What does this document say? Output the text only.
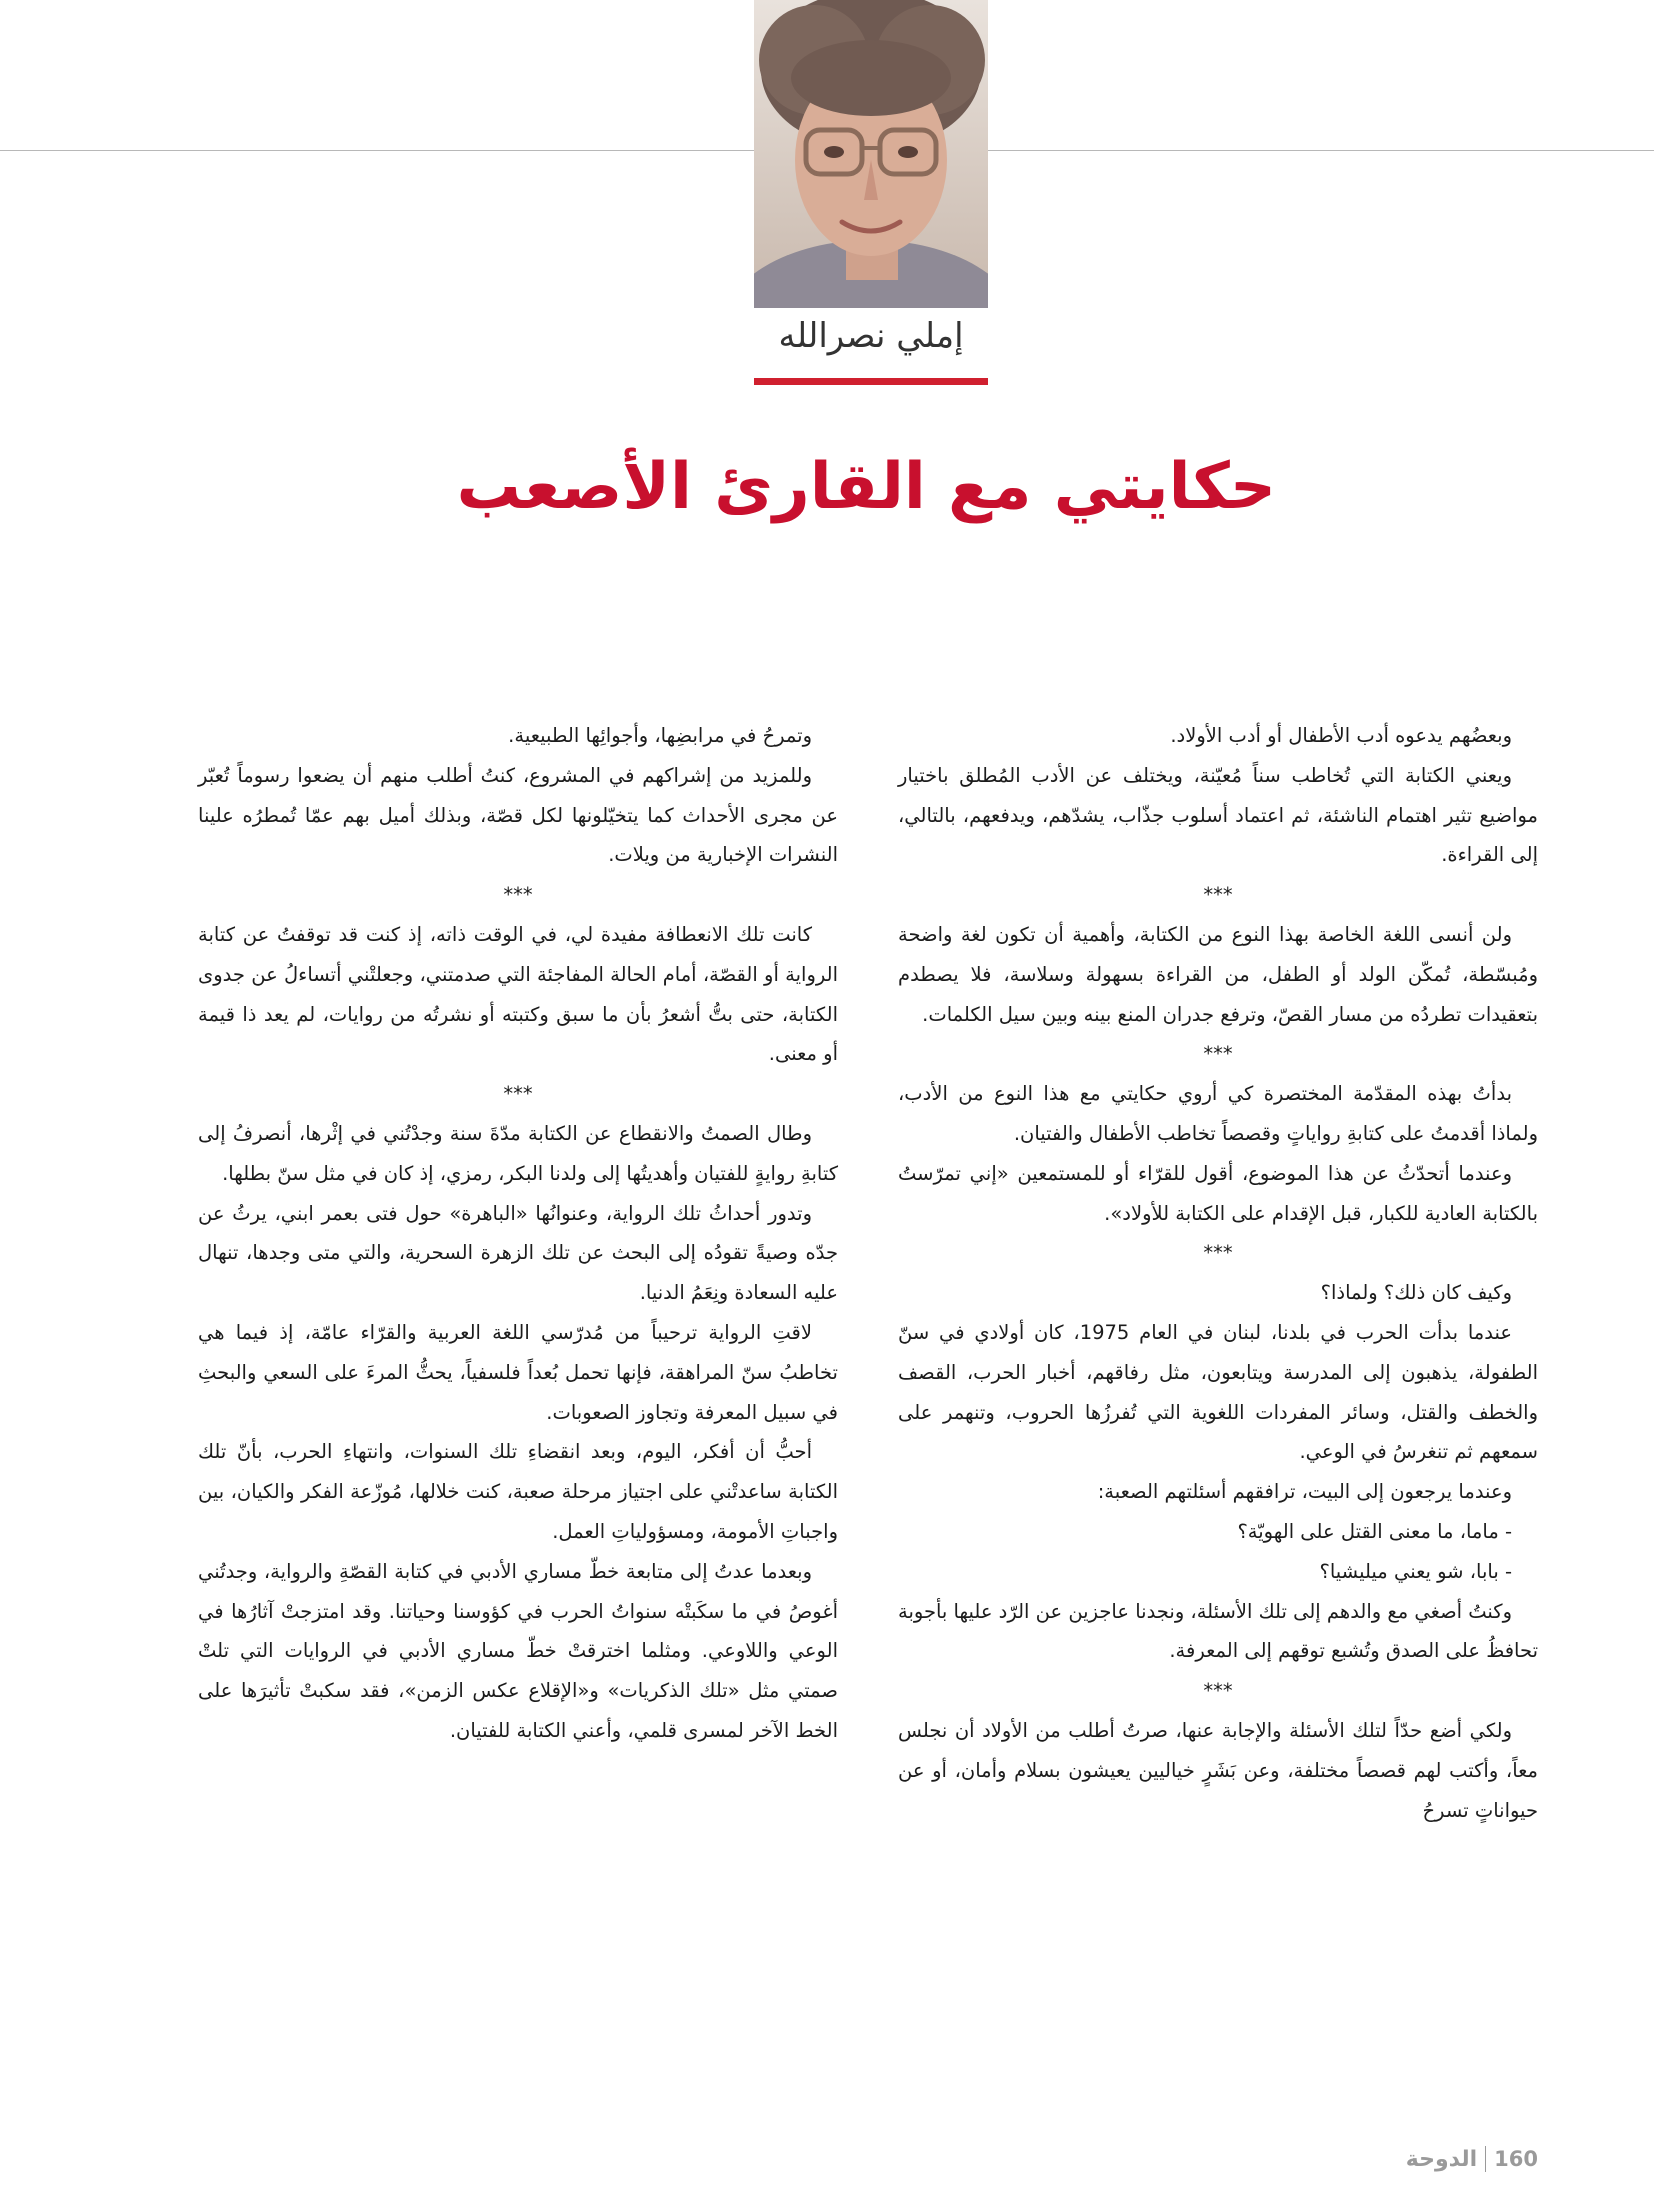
إملي نصرالله
حكايتي مع القارئ الأصعب

وبعضُهم يدعوه أدب الأطفال أو أدب الأولاد.

ويعني الكتابة التي تُخاطب سناً مُعيّنة، ويختلف عن الأدب المُطلق باختيار مواضيع تثير اهتمام الناشئة، ثم اعتماد أسلوب جذّاب، يشدّهم، ويدفعهم، بالتالي، إلى القراءة.

***

ولن أنسى اللغة الخاصة بهذا النوع من الكتابة، وأهمية أن تكون لغة واضحة ومُبسّطة، تُمكّن الولد أو الطفل، من القراءة بسهولة وسلاسة، فلا يصطدم بتعقيدات تطردُه من مسار القصّ، وترفع جدران المنع بينه وبين سيل الكلمات.

***

بدأتُ بهذه المقدّمة المختصرة كي أروي حكايتي مع هذا النوع من الأدب، ولماذا أقدمتُ على كتابةِ رواياتٍ وقصصاً تخاطب الأطفال والفتيان.

وعندما أتحدّثُ عن هذا الموضوع، أقول للقرّاء أو للمستمعين «إني تمرّستُ بالكتابة العادية للكبار، قبل الإقدام على الكتابة للأولاد».

***

وكيف كان ذلك؟ ولماذا؟

عندما بدأت الحرب في بلدنا، لبنان في العام 1975، كان أولادي في سنّ الطفولة، يذهبون إلى المدرسة ويتابعون، مثل رفاقهم، أخبار الحرب، القصف والخطف والقتل، وسائر المفردات اللغوية التي تُفرزُها الحروب، وتنهمر على سمعهم ثم تنغرسُ في الوعي.

وعندما يرجعون إلى البيت، ترافقهم أسئلتهم الصعبة:

- ماما، ما معنى القتل على الهويّة؟

- بابا، شو يعني ميليشيا؟

وكنتُ أصغي مع والدهم إلى تلك الأسئلة، ونجدنا عاجزين عن الرّد عليها بأجوبة تحافظُ على الصدق وتُشبع توقهم إلى المعرفة.

***

ولكي أضع حدّاً لتلك الأسئلة والإجابة عنها، صرتُ أطلب من الأولاد أن نجلس معاً، وأكتب لهم قصصاً مختلفة، وعن بَشَرٍ خياليين يعيشون بسلام وأمان، أو عن حيواناتٍ تسرحُ

وتمرحُ في مرابضِها، وأجوائِها الطبيعية.

وللمزيد من إشراكهم في المشروع، كنتُ أطلب منهم أن يضعوا رسوماً تُعبّر عن مجرى الأحداث كما يتخيّلونها لكل قصّة، وبذلك أميل بهم عمّا تُمطرُه علينا النشرات الإخبارية من ويلات.

***

كانت تلك الانعطافة مفيدة لي، في الوقت ذاته، إذ كنت قد توقفتُ عن كتابة الرواية أو القصّة، أمام الحالة المفاجئة التي صدمتني، وجعلتْني أتساءلُ عن جدوى الكتابة، حتى بتُّ أشعرُ بأن ما سبق وكتبته أو نشرتُه من روايات، لم يعد ذا قيمة أو معنى.

***

وطال الصمتُ والانقطاع عن الكتابة مدّةَ سنة وجدْتُني في إثْرها، أنصرفُ إلى كتابةِ روايةٍ للفتيان وأهديتُها إلى ولدنا البكر، رمزي، إذ كان في مثل سنّ بطلها.

وتدور أحداثُ تلك الرواية، وعنوانُها «الباهرة» حول فتى بعمر ابني، يرثُ عن جدّه وصيةً تقودُه إلى البحث عن تلك الزهرة السحرية، والتي متى وجدها، تنهال عليه السعادة ونِعَمُ الدنيا.

لاقتِ الرواية ترحيباً من مُدرّسي اللغة العربية والقرّاء عامّة، إذ فيما هي تخاطبُ سنّ المراهقة، فإنها تحمل بُعداً فلسفياً، يحثُّ المرءَ على السعي والبحثِ في سبيل المعرفة وتجاوز الصعوبات.

أحبُّ أن أفكر، اليوم، وبعد انقضاءِ تلك السنوات، وانتهاءِ الحرب، بأنّ تلك الكتابة ساعدتْني على اجتياز مرحلة صعبة، كنت خلالها، مُوزّعة الفكر والكيان، بين واجباتِ الأمومة، ومسؤولياتِ العمل.

وبعدما عدتُ إلى متابعة خطّ مساري الأدبي في كتابة القصّةِ والرواية، وجدتُني أغوصُ في ما سكَبتْه سنواتُ الحرب في كؤوسنا وحياتنا. وقد امتزجتْ آثارُها في الوعي واللاوعي. ومثلما اخترقتْ خطّ مساري الأدبي في الروايات التي تلتْ صمتي مثل «تلك الذكريات» و«الإقلاع عكس الزمن»، فقد سكبتْ تأثيرَها على الخط الآخر لمسرى قلمي، وأعني الكتابة للفتيان.

الدوحة 160
